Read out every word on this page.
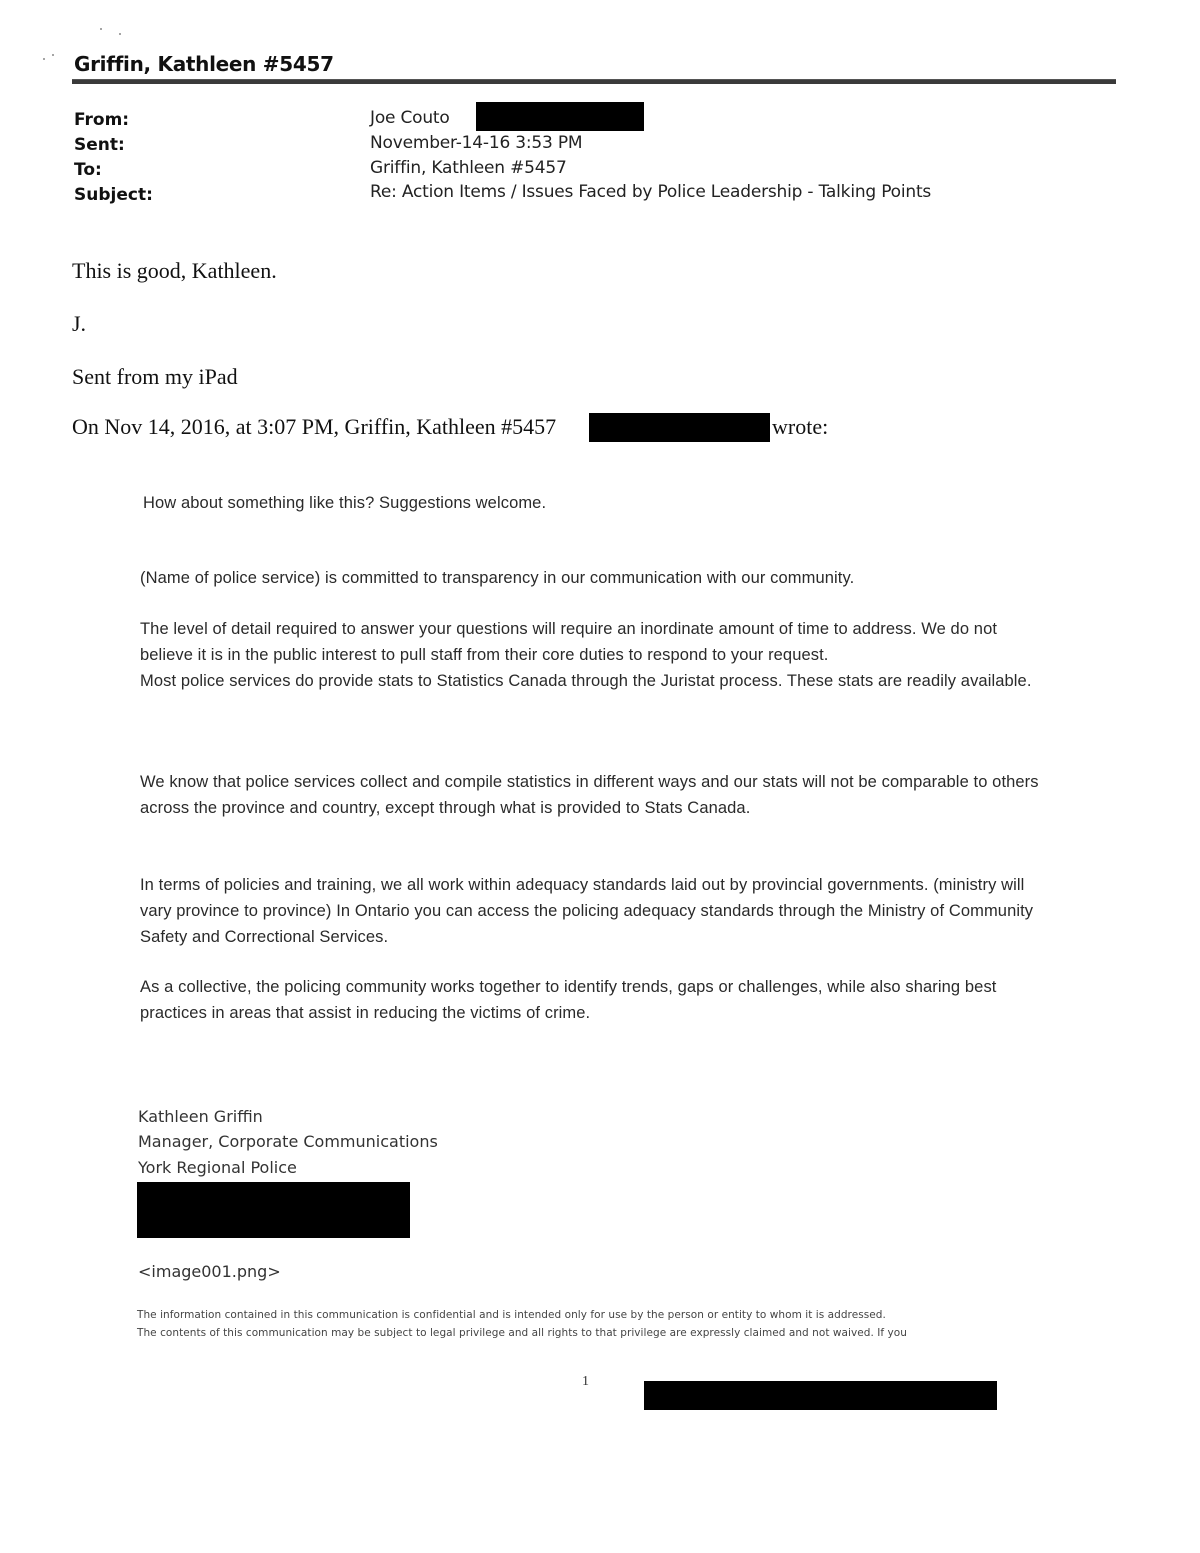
Griffin, Kathleen #5457
From:	Joe Couto
Sent:	November-14-16 3:53 PM
To:	Griffin, Kathleen #5457
Subject:	Re: Action Items / Issues Faced by Police Leadership - Talking Points
This is good, Kathleen.
J.
Sent from my iPad
On Nov 14, 2016, at 3:07 PM, Griffin, Kathleen #5457	wrote:

How about something like this? Suggestions welcome.

(Name of police service) is committed to transparency in our communication with our community.

The level of detail required to answer your questions will require an inordinate amount of time to address. We do not believe it is in the public interest to pull staff from their core duties to respond to your request.

Most police services do provide stats to Statistics Canada through the Juristat process. These stats are readily available.

We know that police services collect and compile statistics in different ways and our stats will not be comparable to others across the province and country, except through what is provided to Stats Canada.

In terms of policies and training, we all work within adequacy standards laid out by provincial governments. (ministry will vary province to province) In Ontario you can access the policing adequacy standards through the Ministry of Community Safety and Correctional Services.

As a collective, the policing community works together to identify trends, gaps or challenges, while also sharing best practices in areas that assist in reducing the victims of crime.

Kathleen Griffin
Manager, Corporate Communications
York Regional Police
<image001.png>
The information contained in this communication is confidential and is intended only for use by the person or entity to whom it is addressed.
The contents of this communication may be subject to legal privilege and all rights to that privilege are expressly claimed and not waived. If you
1
